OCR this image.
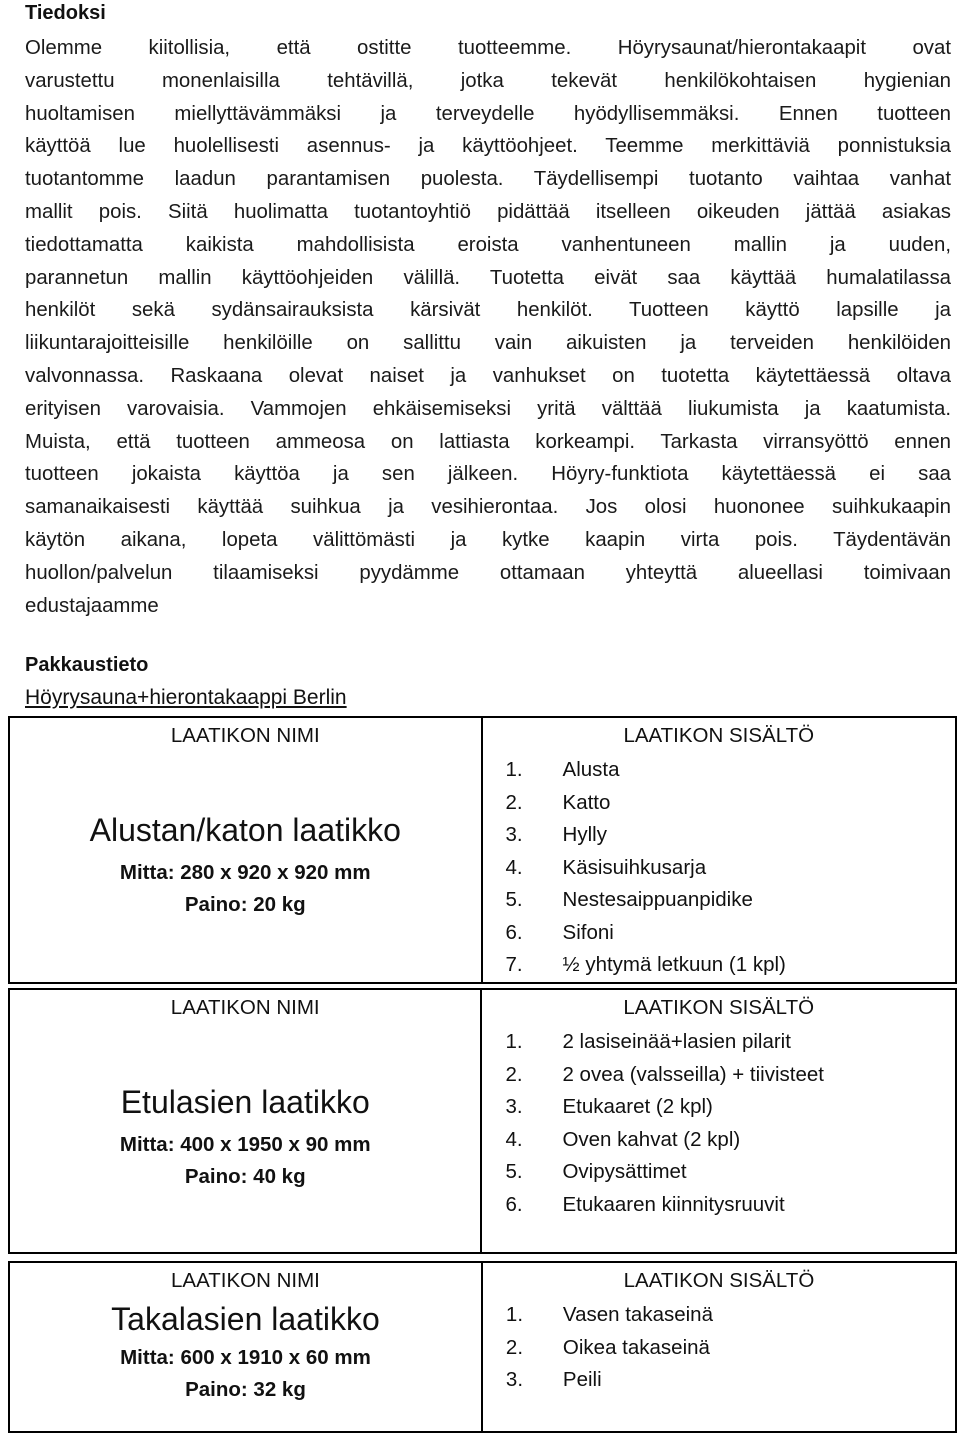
Tiedoksi
Olemme kiitollisia, että ostitte tuotteemme. Höyrysaunat/hierontakaapit ovat
varustettu monenlaisilla tehtävillä, jotka tekevät henkilökohtaisen hygienian
huoltamisen miellyttävämmäksi ja terveydelle hyödyllisemmäksi. Ennen tuotteen
käyttöä lue huolellisesti asennus- ja käyttöohjeet. Teemme merkittäviä ponnistuksia
tuotantomme laadun parantamisen puolesta. Täydellisempi tuotanto vaihtaa vanhat
mallit pois. Siitä huolimatta tuotantoyhtiö pidättää itselleen oikeuden jättää asiakas
tiedottamatta kaikista mahdollisista eroista vanhentuneen mallin ja uuden,
parannetun mallin käyttöohjeiden välillä. Tuotetta eivät saa käyttää humalatilassa
henkilöt sekä sydänsairauksista kärsivät henkilöt. Tuotteen käyttö lapsille ja
liikuntarajoitteisille henkilöille on sallittu vain aikuisten ja terveiden henkilöiden
valvonnassa. Raskaana olevat naiset ja vanhukset on tuotetta käytettäessä oltava
erityisen varovaisia. Vammojen ehkäisemiseksi yritä välttää liukumista ja kaatumista.
Muista, että tuotteen ammeosa on lattiasta korkeampi. Tarkasta virransyöttö ennen
tuotteen jokaista käyttöa ja sen jälkeen. Höyry-funktiota käytettäessä ei saa
samanaikaisesti käyttää suihkua ja vesihierontaa. Jos olosi huononee suihkukaapin
käytön aikana, lopeta välittömästi ja kytke kaapin virta pois. Täydentävän
huollon/palvelun tilaamiseksi pyydämme ottamaan yhteyttä alueellasi toimivaan
edustajaamme
Pakkaustieto
Höyrysauna+hierontakaappi Berlin
LAATIKON NIMI
Alustan/katon laatikko
Mitta: 280 x 920 x 920 mm
Paino: 20 kg

LAATIKON SISÄLTÖ
1.	Alusta
2.	Katto
3.	Hylly
4.	Käsisuihkusarja
5.	Nestesaippuanpidike
6.	Sifoni
7.	½ yhtymä letkuun (1 kpl)
LAATIKON NIMI
Etulasien laatikko
Mitta: 400 x 1950 x 90 mm
Paino: 40 kg

LAATIKON SISÄLTÖ
1.	2 lasiseinää+lasien pilarit
2.	2 ovea (valsseilla) + tiivisteet
3.	Etukaaret (2 kpl)
4.	Oven kahvat (2 kpl)
5.	Ovipysättimet
6.	Etukaaren kiinnitysruuvit
LAATIKON NIMI
Takalasien laatikko
Mitta: 600 x 1910 x 60 mm
Paino: 32 kg

LAATIKON SISÄLTÖ
1.	Vasen takaseinä
2.	Oikea takaseinä
3.	Peili
